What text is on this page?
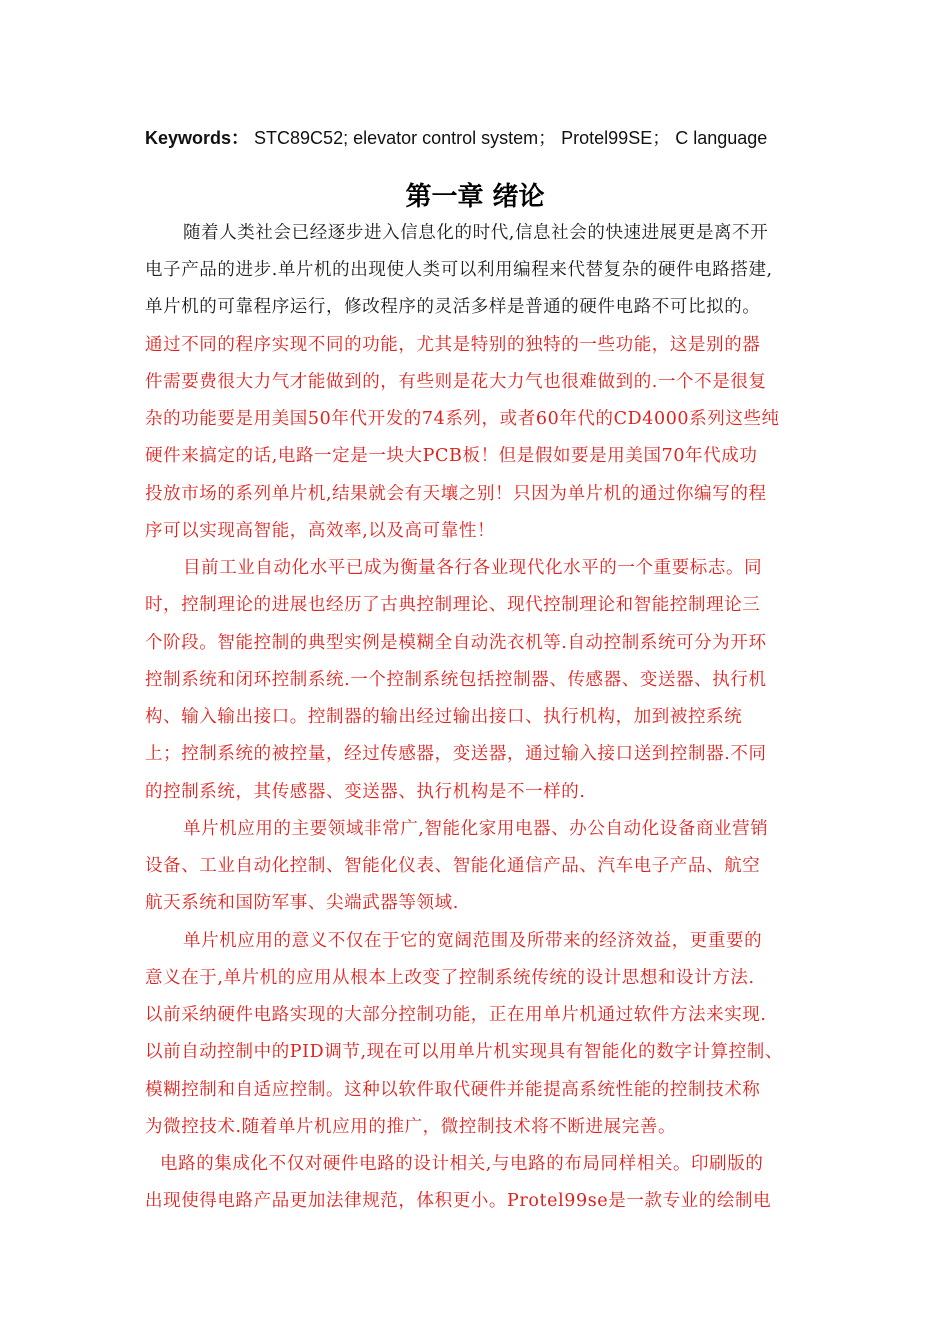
Keywords： STC89C52; elevator control system； Protel99SE； C language
第一章 绪论
随着人类社会已经逐步进入信息化的时代,信息社会的快速进展更是离不开
电子产品的进步.单片机的出现使人类可以利用编程来代替复杂的硬件电路搭建,
单片机的可靠程序运行，修改程序的灵活多样是普通的硬件电路不可比拟的。
通过不同的程序实现不同的功能，尤其是特别的独特的一些功能，这是别的器
件需要费很大力气才能做到的，有些则是花大力气也很难做到的.一个不是很复
杂的功能要是用美国50年代开发的74系列，或者60年代的CD4000系列这些纯
硬件来搞定的话,电路一定是一块大PCB板！但是假如要是用美国70年代成功
投放市场的系列单片机,结果就会有天壤之别！只因为单片机的通过你编写的程
序可以实现高智能，高效率,以及高可靠性！
目前工业自动化水平已成为衡量各行各业现代化水平的一个重要标志。同
时，控制理论的进展也经历了古典控制理论、现代控制理论和智能控制理论三
个阶段。智能控制的典型实例是模糊全自动洗衣机等.自动控制系统可分为开环
控制系统和闭环控制系统.一个控制系统包括控制器、传感器、变送器、执行机
构、输入输出接口。控制器的输出经过输出接口、执行机构，加到被控系统
上；控制系统的被控量，经过传感器，变送器，通过输入接口送到控制器.不同
的控制系统，其传感器、变送器、执行机构是不一样的.
单片机应用的主要领域非常广,智能化家用电器、办公自动化设备商业营销
设备、工业自动化控制、智能化仪表、智能化通信产品、汽车电子产品、航空
航天系统和国防军事、尖端武器等领域.
单片机应用的意义不仅在于它的宽阔范围及所带来的经济效益，更重要的
意义在于,单片机的应用从根本上改变了控制系统传统的设计思想和设计方法.
以前采纳硬件电路实现的大部分控制功能，正在用单片机通过软件方法来实现.
以前自动控制中的PID调节,现在可以用单片机实现具有智能化的数字计算控制、
模糊控制和自适应控制。这种以软件取代硬件并能提高系统性能的控制技术称
为微控技术.随着单片机应用的推广，微控制技术将不断进展完善。
电路的集成化不仅对硬件电路的设计相关,与电路的布局同样相关。印刷版的
出现使得电路产品更加法律规范，体积更小。Protel99se是一款专业的绘制电
